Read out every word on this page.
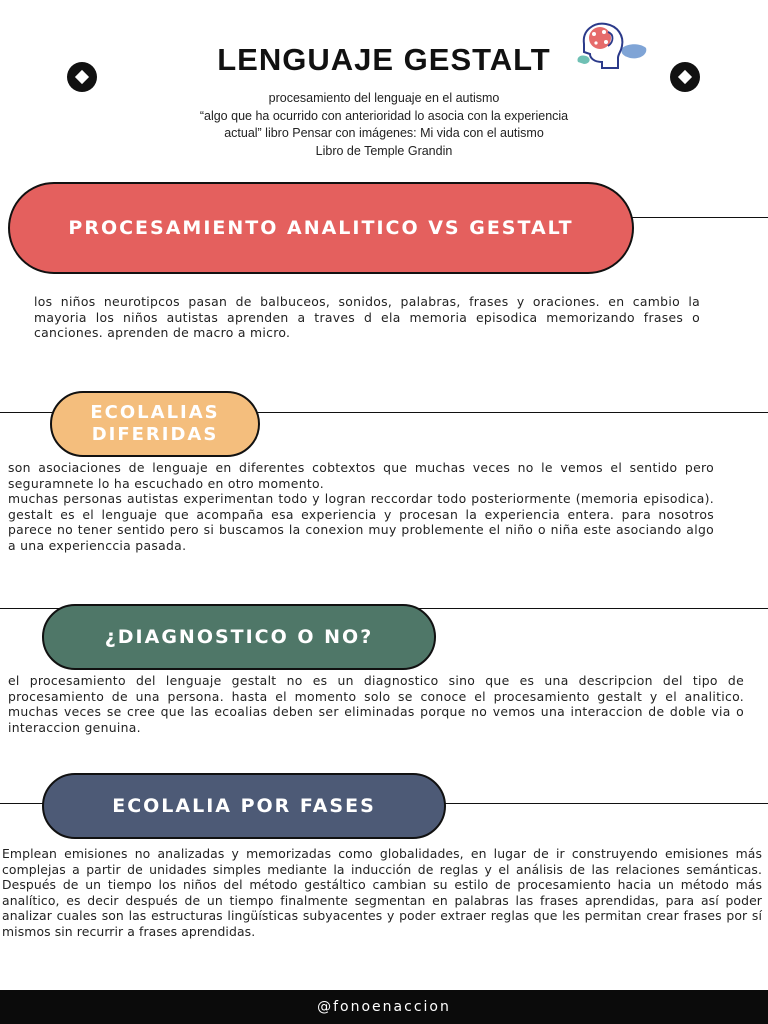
LENGUAJE GESTALT
procesamiento del lenguaje en el autismo
“algo que ha ocurrido con anterioridad lo asocia con la experiencia
actual” libro Pensar con imágenes: Mi vida con el autismo
Libro de Temple Grandin
PROCESAMIENTO ANALITICO VS GESTALT
los niños neurotipcos pasan de balbuceos, sonidos, palabras, frases y oraciones. en cambio la mayoria los niños autistas aprenden a traves d ela memoria episodica memorizando frases o canciones. aprenden de macro a micro.
ECOLALIAS
DIFERIDAS
son asociaciones de lenguaje en diferentes cobtextos que muchas veces no le vemos el sentido pero seguramnete lo ha escuchado en otro momento.
muchas personas autistas experimentan todo y logran reccordar todo posteriormente (memoria episodica). gestalt es el lenguaje que acompaña esa experiencia y procesan la experiencia entera. para nosotros parece no tener sentido pero si buscamos la conexion muy problemente el niño o niña este asociando algo a una experienccia pasada.
¿DIAGNOSTICO O NO?
el procesamiento del lenguaje gestalt no es un diagnostico sino que es una descripcion del tipo de procesamiento de una persona. hasta el momento solo se conoce el procesamiento gestalt y el analitico. muchas veces se cree que las ecoalias deben ser eliminadas porque no vemos una interaccion de doble via o interaccion genuina.
ECOLALIA POR FASES
Emplean emisiones no analizadas y memorizadas como globalidades, en lugar de ir construyendo emisiones más complejas a partir de unidades simples mediante la inducción de reglas y el análisis de las relaciones semánticas. Después de un tiempo los niños del método gestáltico cambian su estilo de procesamiento hacia un método más analítico, es decir después de un tiempo finalmente segmentan en palabras las frases aprendidas, para así poder analizar cuales son las estructuras lingüísticas subyacentes y poder extraer reglas que les permitan crear frases por sí mismos sin recurrir a frases aprendidas.
@fonoenaccion
